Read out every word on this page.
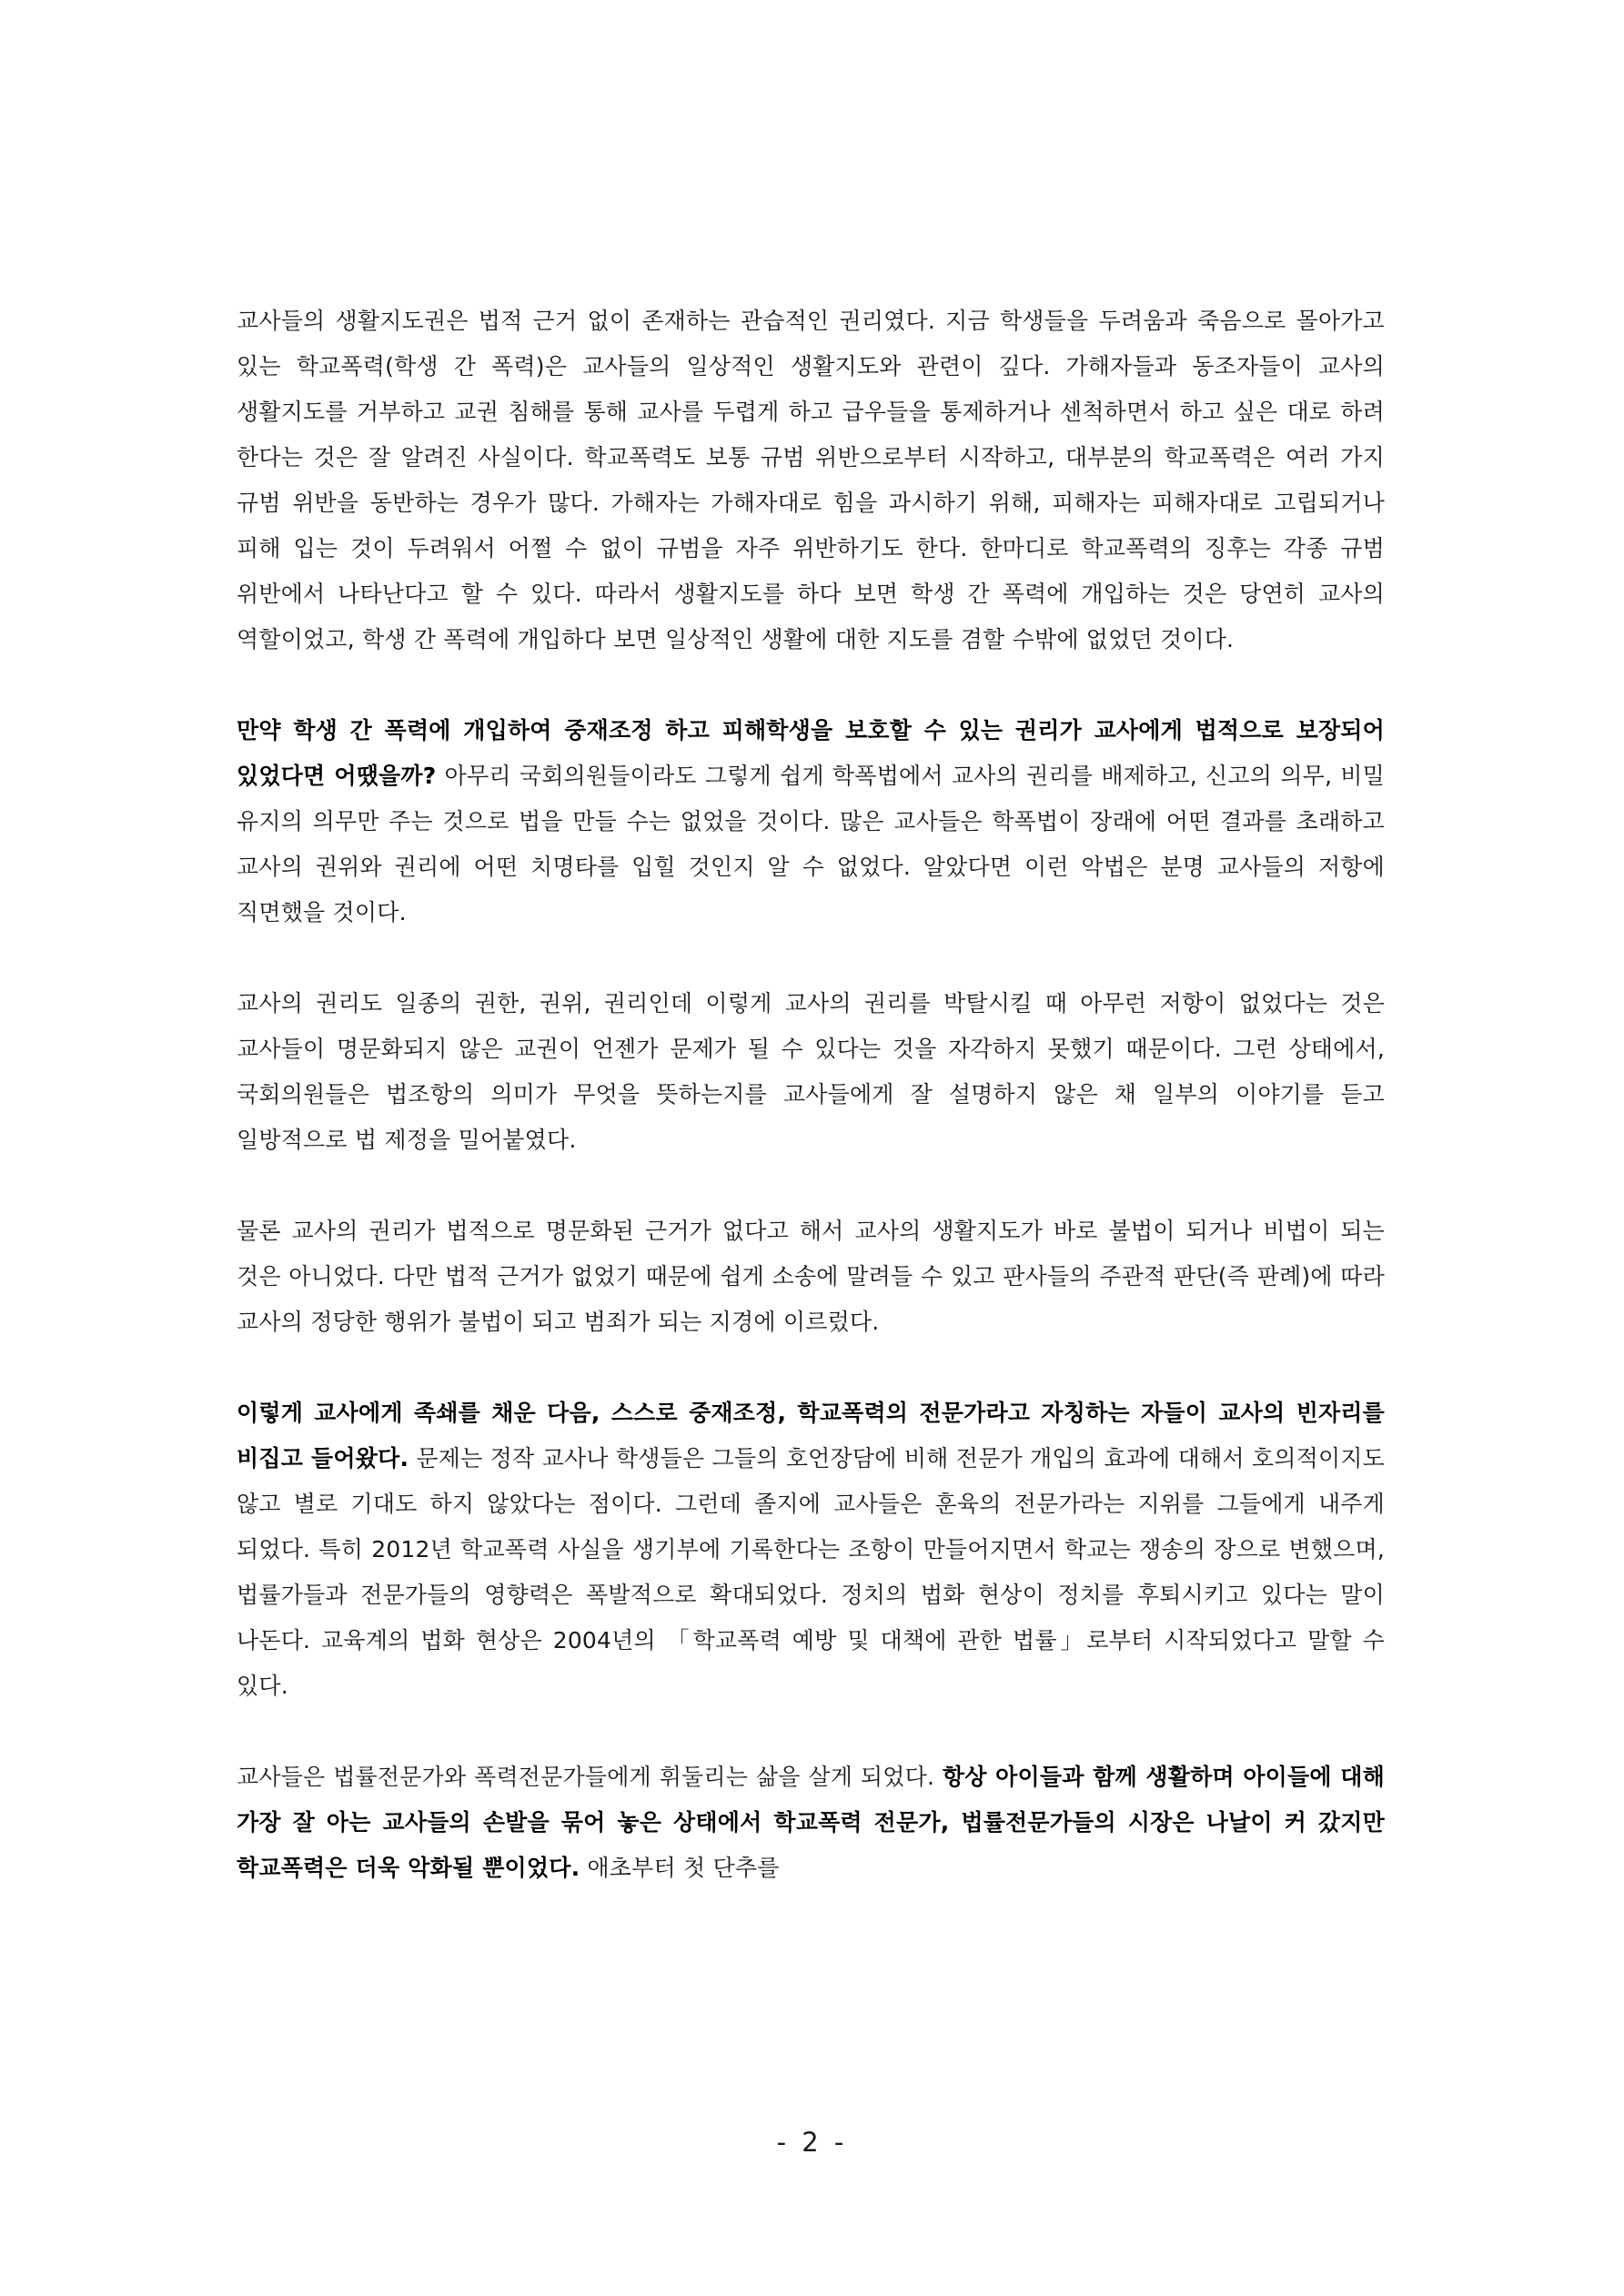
교사들의 생활지도권은 법적 근거 없이 존재하는 관습적인 권리였다. 지금 학생들을 두려움과 죽음으로 몰아가고 있는 학교폭력(학생 간 폭력)은 교사들의 일상적인 생활지도와 관련이 깊다. 가해자들과 동조자들이 교사의 생활지도를 거부하고 교권 침해를 통해 교사를 두렵게 하고 급우들을 통제하거나 센척하면서 하고 싶은 대로 하려 한다는 것은 잘 알려진 사실이다. 학교폭력도 보통 규범 위반으로부터 시작하고, 대부분의 학교폭력은 여러 가지 규범 위반을 동반하는 경우가 많다. 가해자는 가해자대로 힘을 과시하기 위해, 피해자는 피해자대로 고립되거나 피해 입는 것이 두려워서 어쩔 수 없이 규범을 자주 위반하기도 한다. 한마디로 학교폭력의 징후는 각종 규범 위반에서 나타난다고 할 수 있다. 따라서 생활지도를 하다 보면 학생 간 폭력에 개입하는 것은 당연히 교사의 역할이었고, 학생 간 폭력에 개입하다 보면 일상적인 생활에 대한 지도를 겸할 수밖에 없었던 것이다.

만약 학생 간 폭력에 개입하여 중재조정 하고 피해학생을 보호할 수 있는 권리가 교사에게 법적으로 보장되어 있었다면 어땠을까? 아무리 국회의원들이라도 그렇게 쉽게 학폭법에서 교사의 권리를 배제하고, 신고의 의무, 비밀 유지의 의무만 주는 것으로 법을 만들 수는 없었을 것이다. 많은 교사들은 학폭법이 장래에 어떤 결과를 초래하고 교사의 권위와 권리에 어떤 치명타를 입힐 것인지 알 수 없었다. 알았다면 이런 악법은 분명 교사들의 저항에 직면했을 것이다.

교사의 권리도 일종의 권한, 권위, 권리인데 이렇게 교사의 권리를 박탈시킬 때 아무런 저항이 없었다는 것은 교사들이 명문화되지 않은 교권이 언젠가 문제가 될 수 있다는 것을 자각하지 못했기 때문이다. 그런 상태에서, 국회의원들은 법조항의 의미가 무엇을 뜻하는지를 교사들에게 잘 설명하지 않은 채 일부의 이야기를 듣고 일방적으로 법 제정을 밀어붙였다.

물론 교사의 권리가 법적으로 명문화된 근거가 없다고 해서 교사의 생활지도가 바로 불법이 되거나 비법이 되는 것은 아니었다. 다만 법적 근거가 없었기 때문에 쉽게 소송에 말려들 수 있고 판사들의 주관적 판단(즉 판례)에 따라 교사의 정당한 행위가 불법이 되고 범죄가 되는 지경에 이르렀다.

이렇게 교사에게 족쇄를 채운 다음, 스스로 중재조정, 학교폭력의 전문가라고 자칭하는 자들이 교사의 빈자리를 비집고 들어왔다. 문제는 정작 교사나 학생들은 그들의 호언장담에 비해 전문가 개입의 효과에 대해서 호의적이지도 않고 별로 기대도 하지 않았다는 점이다. 그런데 졸지에 교사들은 훈육의 전문가라는 지위를 그들에게 내주게 되었다. 특히 2012년 학교폭력 사실을 생기부에 기록한다는 조항이 만들어지면서 학교는 쟁송의 장으로 변했으며, 법률가들과 전문가들의 영향력은 폭발적으로 확대되었다. 정치의 법화 현상이 정치를 후퇴시키고 있다는 말이 나돈다. 교육계의 법화 현상은 2004년의 「학교폭력 예방 및 대책에 관한 법률」로부터 시작되었다고 말할 수 있다.

교사들은 법률전문가와 폭력전문가들에게 휘둘리는 삶을 살게 되었다. 항상 아이들과 함께 생활하며 아이들에 대해 가장 잘 아는 교사들의 손발을 묶어 놓은 상태에서 학교폭력 전문가, 법률전문가들의 시장은 나날이 커 갔지만 학교폭력은 더욱 악화될 뿐이었다. 애초부터 첫 단추를

- 2 -
